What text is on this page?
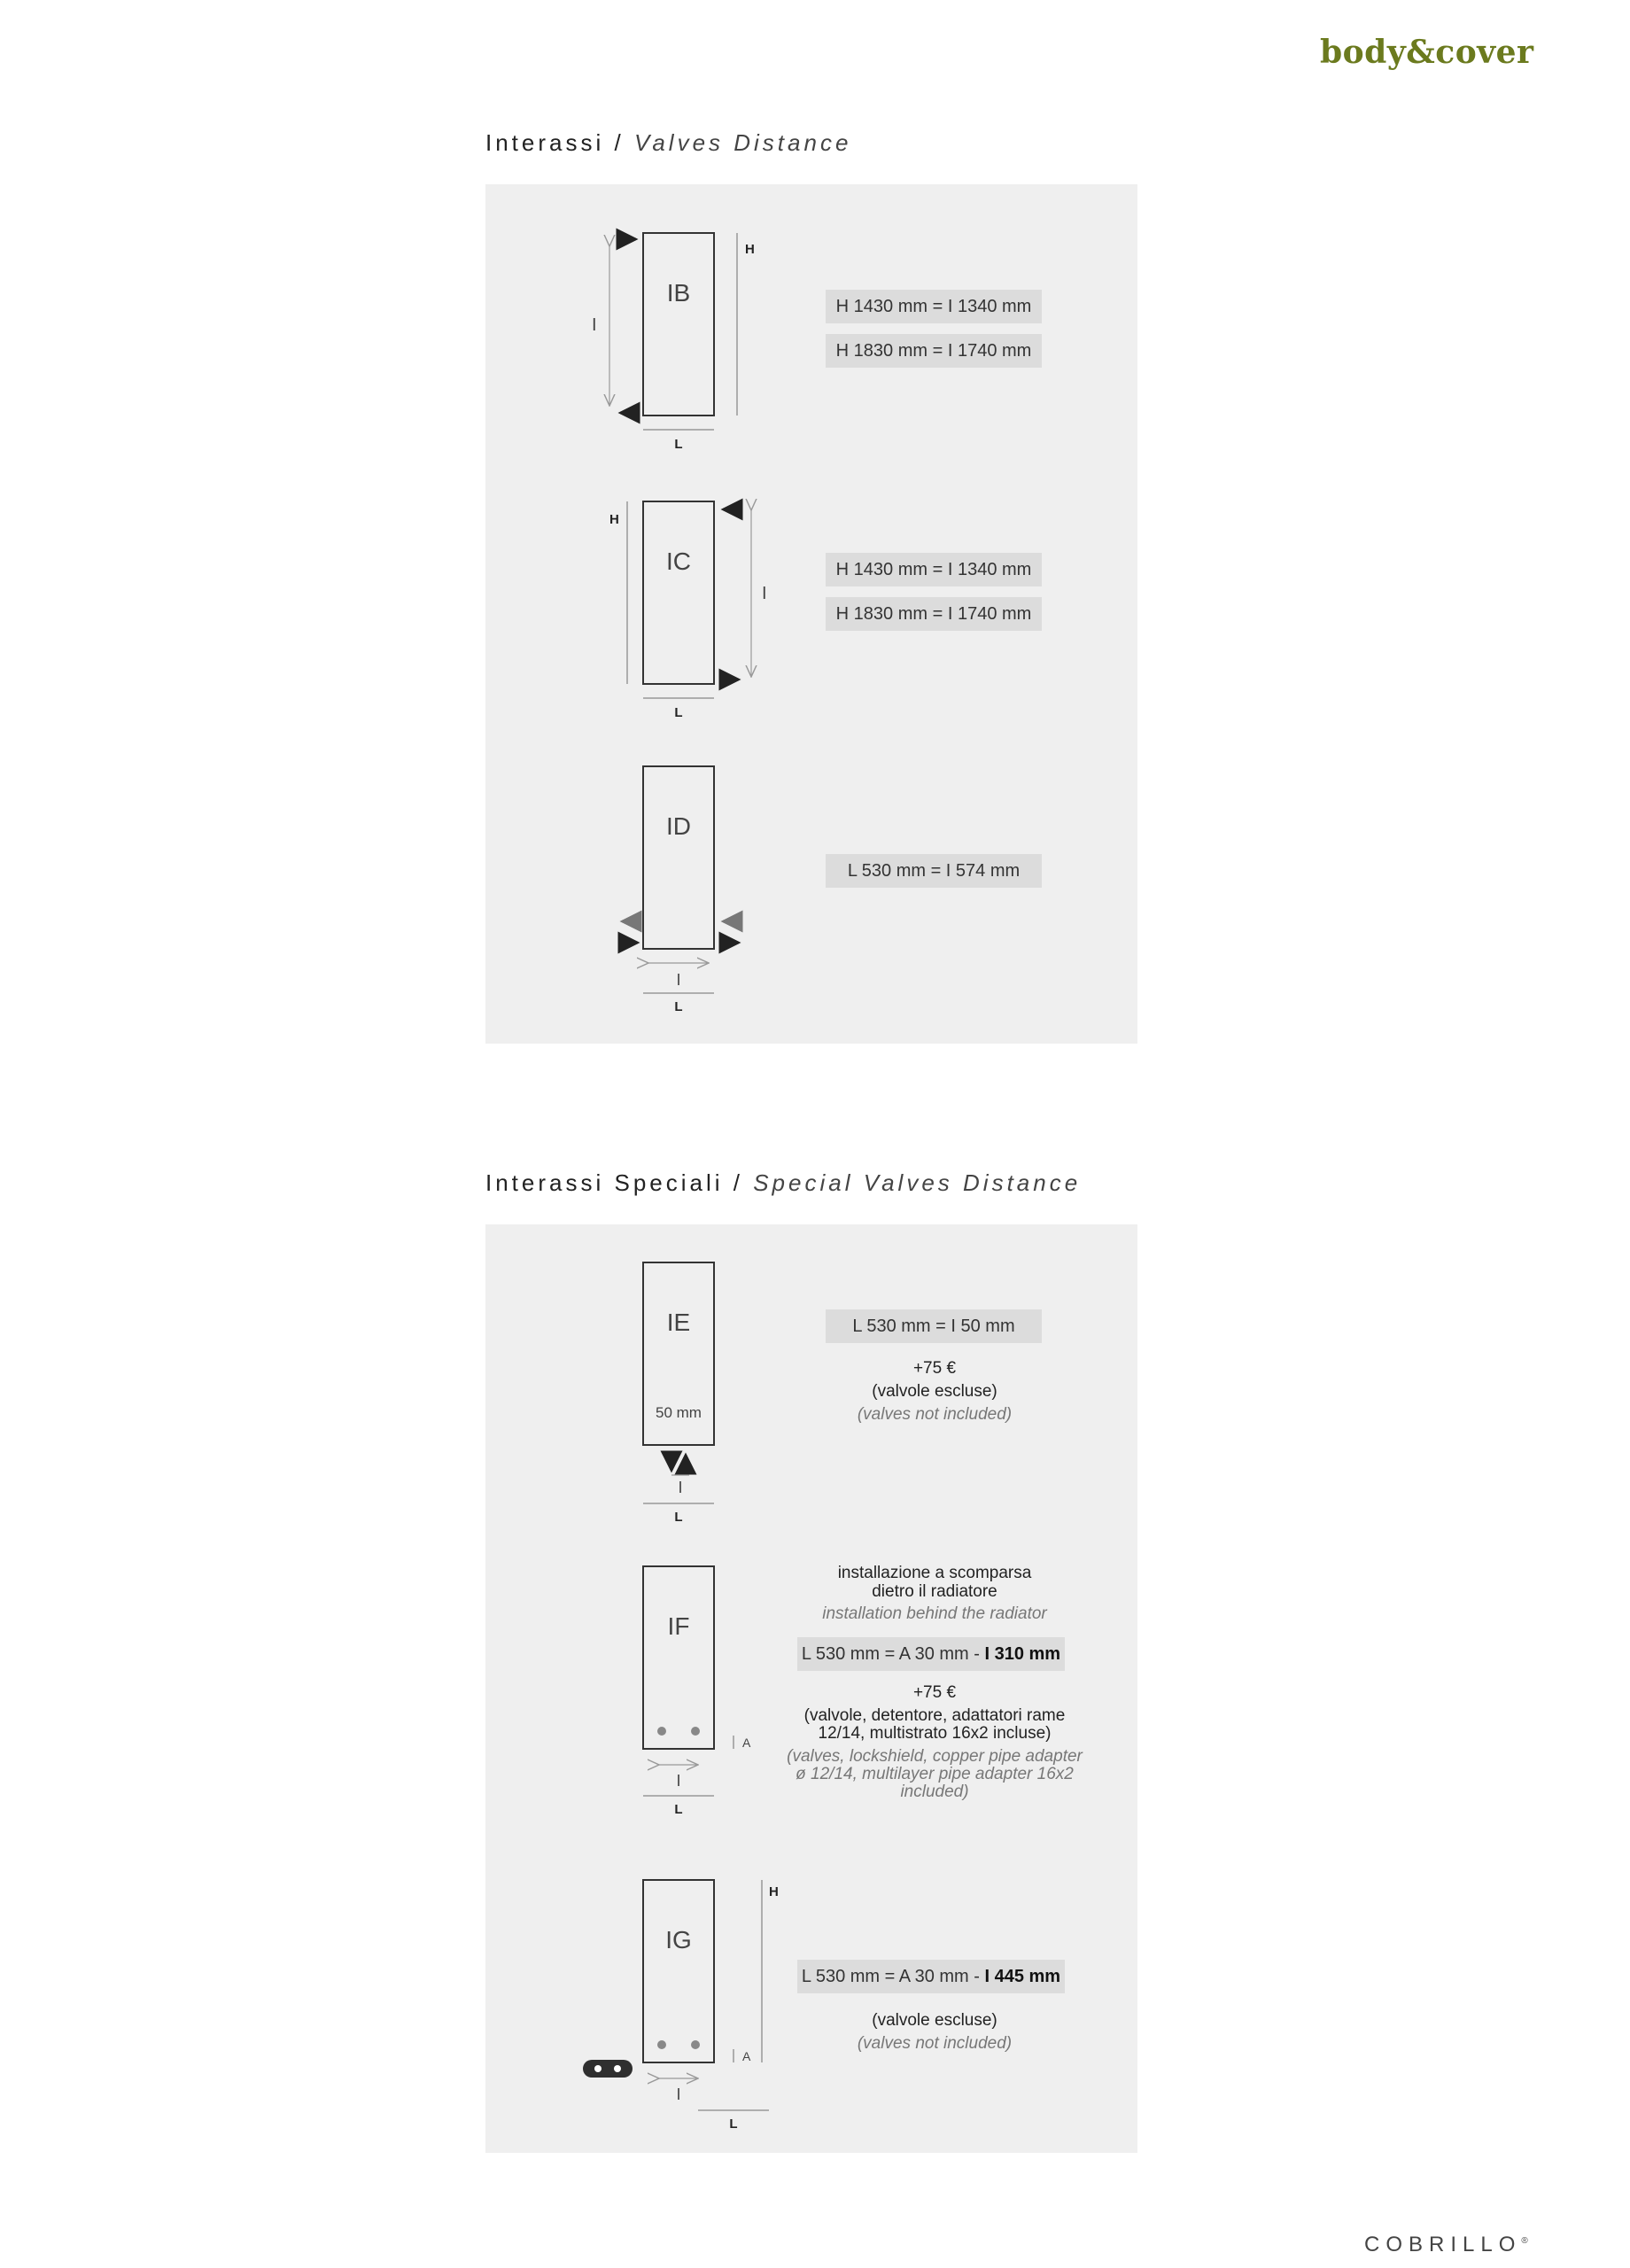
body&cover
Interassi / Valves Distance
IB
H
I
L
IC
H
I
L
ID
I
L
H 1430 mm = I 1340 mm
H 1830 mm = I 1740 mm
H 1430 mm = I 1340 mm
H 1830 mm = I 1740 mm
L 530 mm = I 574 mm
Interassi Speciali / Special Valves Distance
IE
50 mm
I
L
IF
A
I
L
IG
H
A
I
L
L 530 mm = I 50 mm
+75 €
(valvole escluse)
(valves not included)
installazione a scomparsa
dietro il radiatore
installation behind the radiator
L 530 mm = A 30 mm - I 310 mm
+75 €
(valvole, detentore, adattatori rame
12/14, multistrato 16x2 incluse)
(valves, lockshield, copper pipe adapter
ø 12/14, multilayer pipe adapter 16x2
included)
L 530 mm = A 30 mm - I 445 mm
(valvole escluse)
(valves not included)
COBRILLO®
